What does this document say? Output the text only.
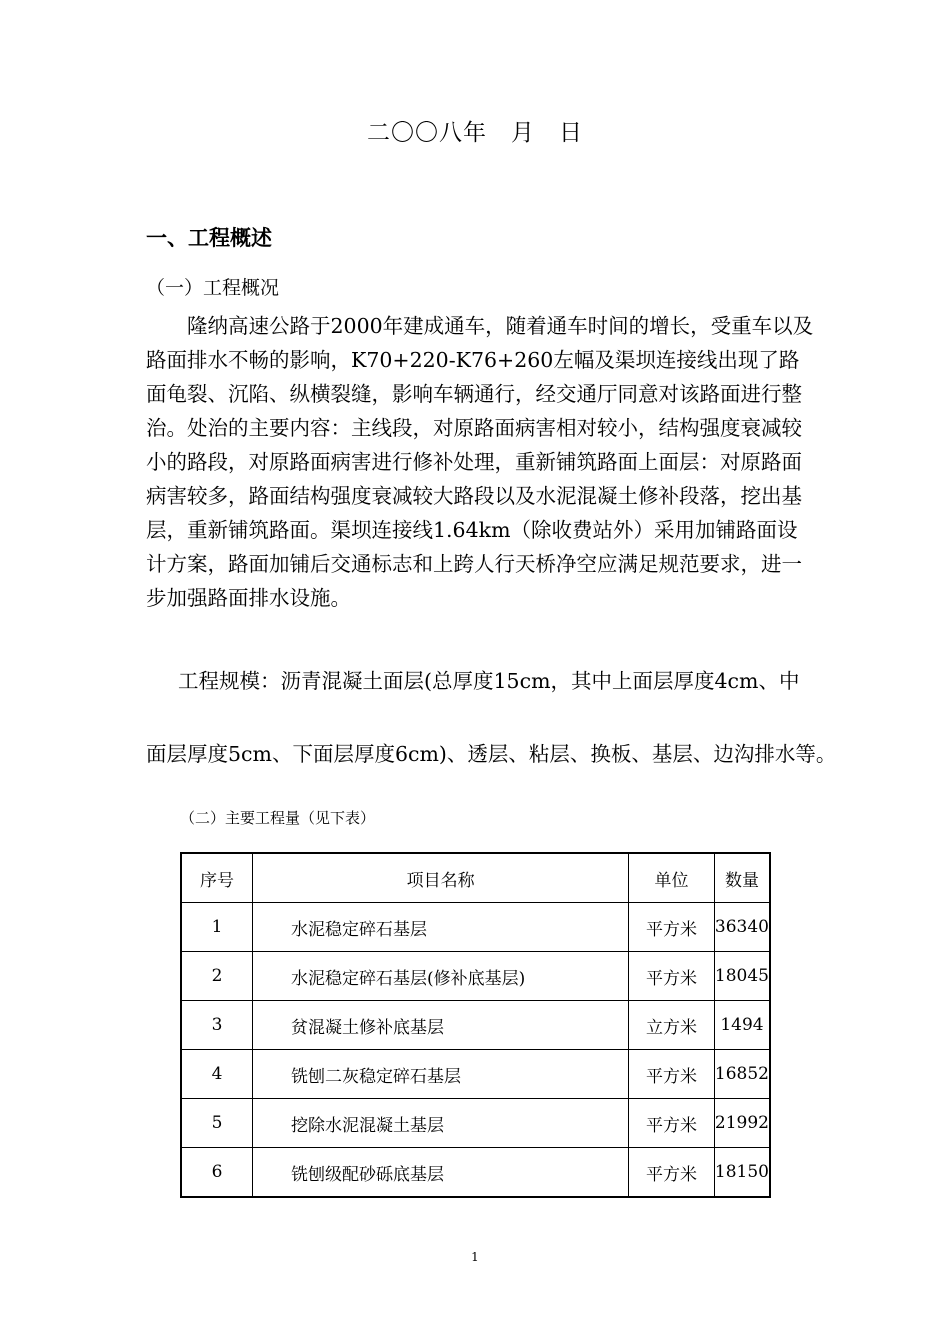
二〇〇八年　月　日
一、工程概述
（一）工程概况

隆纳高速公路于2000年建成通车，随着通车时间的增长，受重车以及路面排水不畅的影响，K70+220-K76+260左幅及渠坝连接线出现了路面龟裂、沉陷、纵横裂缝，影响车辆通行，经交通厅同意对该路面进行整治。处治的主要内容：主线段，对原路面病害相对较小，结构强度衰减较小的路段，对原路面病害进行修补处理，重新铺筑路面上面层：对原路面病害较多，路面结构强度衰减较大路段以及水泥混凝土修补段落，挖出基层，重新铺筑路面。渠坝连接线1.64km（除收费站外）采用加铺路面设计方案，路面加铺后交通标志和上跨人行天桥净空应满足规范要求，进一步加强路面排水设施。

工程规模：沥青混凝土面层(总厚度15cm，其中上面层厚度4cm、中
面层厚度5cm、下面层厚度6cm)、透层、粘层、换板、基层、边沟排水等。
（二）主要工程量（见下表）
序号	项目名称	单位	数量
1	水泥稳定碎石基层	平方米	36340
2	水泥稳定碎石基层(修补底基层)	平方米	18045
3	贫混凝土修补底基层	立方米	1494
4	铣刨二灰稳定碎石基层	平方米	16852
5	挖除水泥混凝土基层	平方米	21992
6	铣刨级配砂砾底基层	平方米	18150
1
